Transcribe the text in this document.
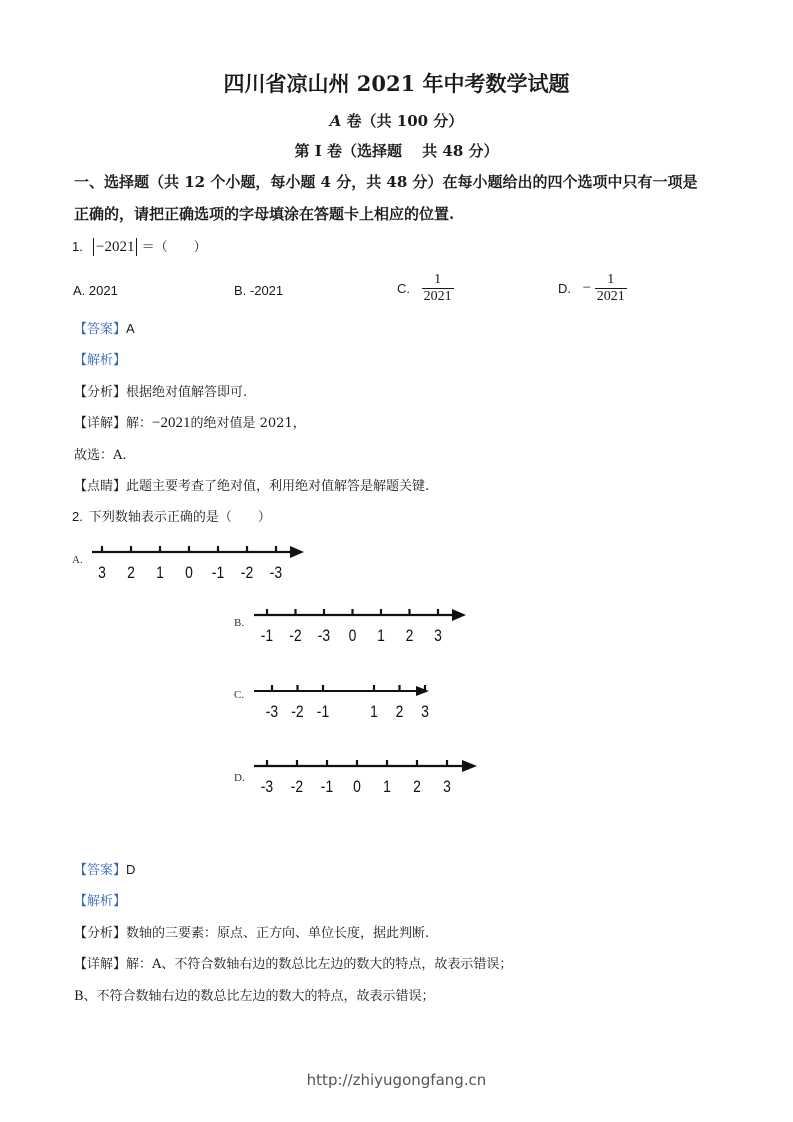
四川省凉山州 2021 年中考数学试题
A 卷（共 100 分）
第 I 卷（选择题　 共 48 分）
一、选择题（共 12 个小题，每小题 4 分，共 48 分）在每小题给出的四个选项中只有一项是
正确的，请把正确选项的字母填涂在答题卡上相应的位置.
1. −2021 ＝（　　）
A. 2021	B. -2021	C. $\frac{1}{2021}$	D. − $\frac{1}{2021}$
【答案】A
【解析】
【分析】根据绝对值解答即可.
【详解】解：−2021的绝对值是 2021，
故选：A.
【点睛】此题主要考查了绝对值，利用绝对值解答是解题关键.
2. 下列数轴表示正确的是（　　）
A.
3 2 1 0 -1 -2 -3
B.
-1 -2 -3 0 1 2 3
C.
-3 -2 -1 1 2 3
D. -3 -2 -1 0 1 2 3
【答案】D
【解析】
【分析】数轴的三要素：原点、正方向、单位长度，据此判断.
【详解】解：A、不符合数轴右边的数总比左边的数大的特点，故表示错误；
B、不符合数轴右边的数总比左边的数大的特点，故表示错误；
http://zhiyugongfang.cn
